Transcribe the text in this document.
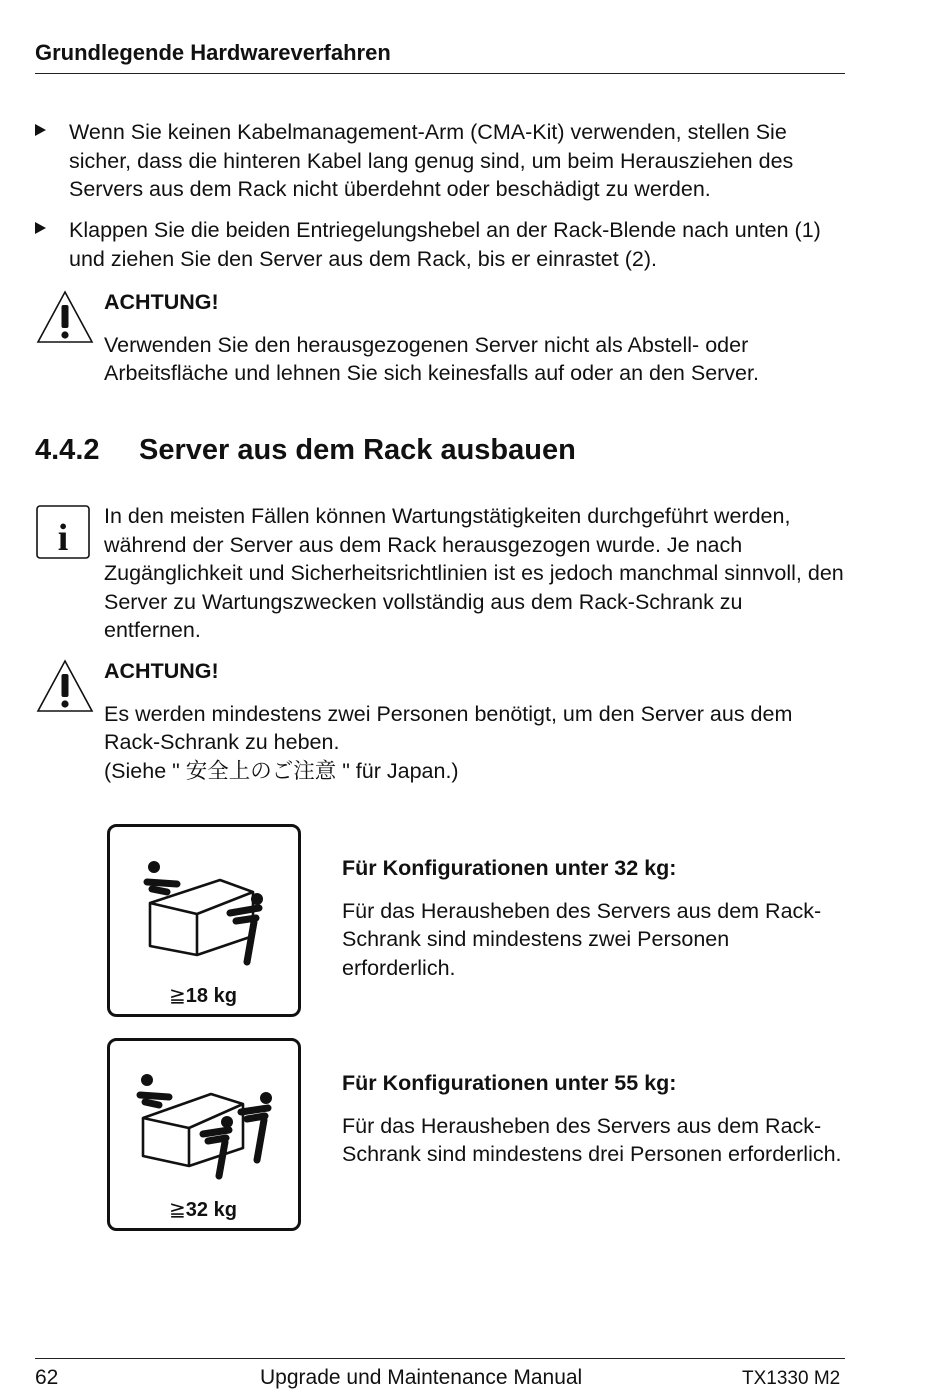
Grundlegende Hardwareverfahren
Wenn Sie keinen Kabelmanagement-Arm (CMA-Kit) verwenden, stellen Sie sicher, dass die hinteren Kabel lang genug sind, um beim Herausziehen des Servers aus dem Rack nicht überdehnt oder beschädigt zu werden.
Klappen Sie die beiden Entriegelungshebel an der Rack-Blende nach unten (1) und ziehen Sie den Server aus dem Rack, bis er einrastet (2).
ACHTUNG!
Verwenden Sie den herausgezogenen Server nicht als Abstell- oder Arbeitsfläche und lehnen Sie sich keinesfalls auf oder an den Server.
4.4.2 Server aus dem Rack ausbauen
i
In den meisten Fällen können Wartungstätigkeiten durchgeführt werden, während der Server aus dem Rack herausgezogen wurde. Je nach Zugänglichkeit und Sicherheitsrichtlinien ist es jedoch manchmal sinnvoll, den Server zu Wartungszwecken vollständig aus dem Rack-Schrank zu entfernen.
ACHTUNG!
Es werden mindestens zwei Personen benötigt, um den Server aus dem Rack-Schrank zu heben.
(Siehe " 安全上のご注意 " für Japan.)
≧18 kg
Für Konfigurationen unter 32 kg:
Für das Herausheben des Servers aus dem Rack-Schrank sind mindestens zwei Personen erforderlich.
≧32 kg
Für Konfigurationen unter 55 kg:
Für das Herausheben des Servers aus dem Rack-Schrank sind mindestens drei Personen erforderlich.
62	Upgrade und Maintenance Manual	TX1330 M2
